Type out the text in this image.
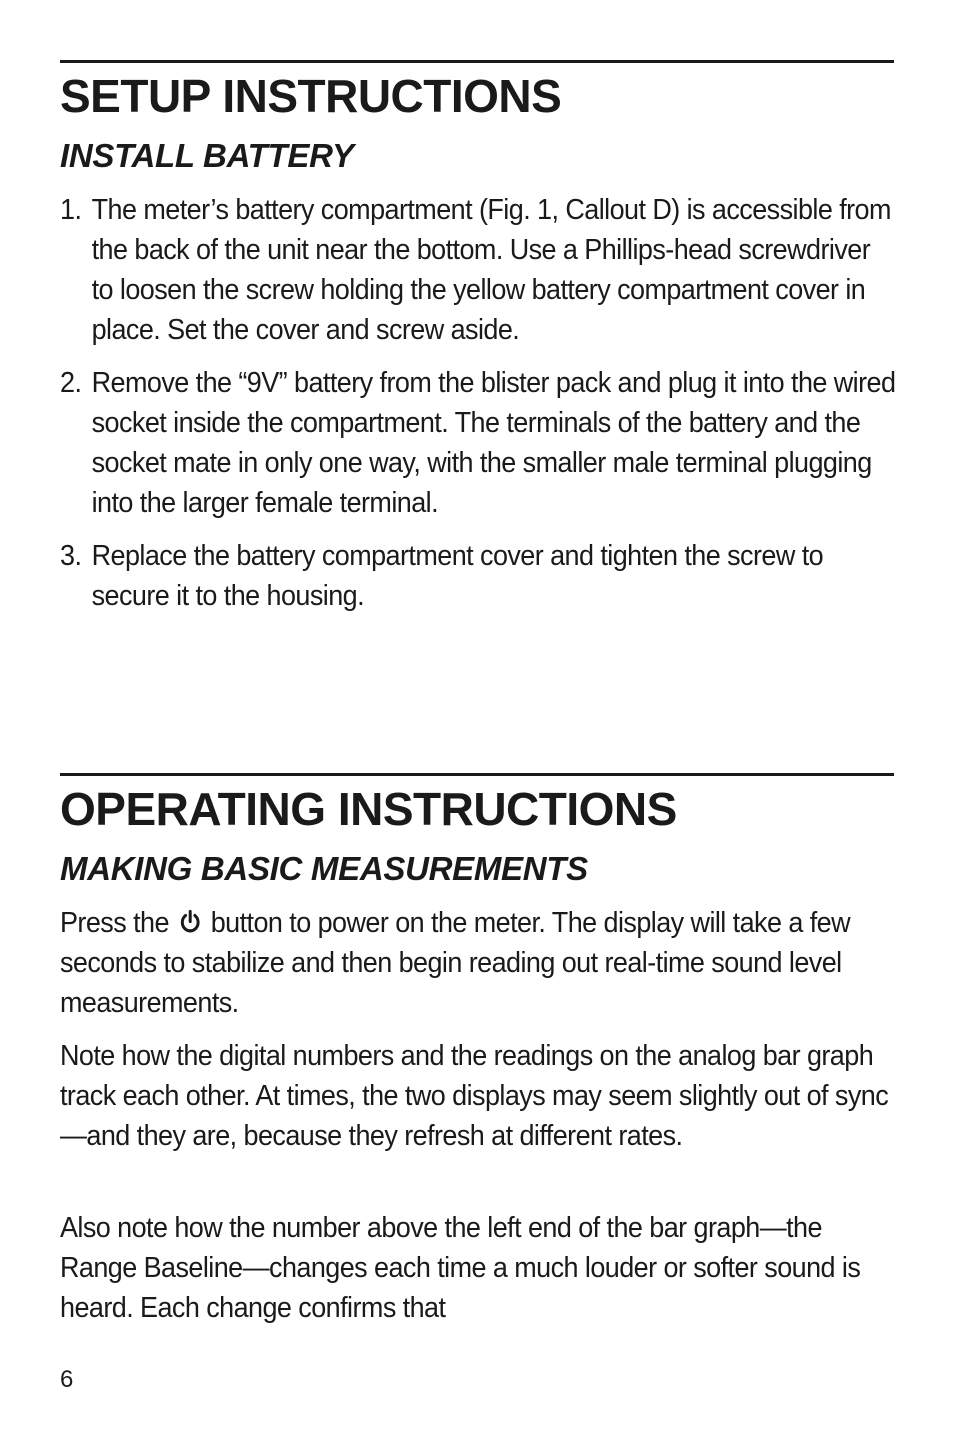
SETUP INSTRUCTIONS
INSTALL BATTERY
1. The meter’s battery compartment (Fig. 1, Callout D) is accessible from the back of the unit near the bottom. Use a Phillips-head screwdriver to loosen the screw holding the yellow battery compartment cover in place. Set the cover and screw aside.
2. Remove the “9V” battery from the blister pack and plug it into the wired socket inside the compartment. The terminals of the battery and the socket mate in only one way, with the smaller male terminal plugging into the larger female terminal.
3. Replace the battery compartment cover and tighten the screw to secure it to the housing.
OPERATING INSTRUCTIONS
MAKING BASIC MEASUREMENTS

Press the button to power on the meter. The display will take a few seconds to stabilize and then begin reading out real-time sound level measurements.

Note how the digital numbers and the readings on the analog bar graph track each other. At times, the two displays may seem slightly out of sync—and they are, because they refresh at different rates.

Also note how the number above the left end of the bar graph—the Range Baseline—changes each time a much louder or softer sound is heard. Each change confirms that

6
